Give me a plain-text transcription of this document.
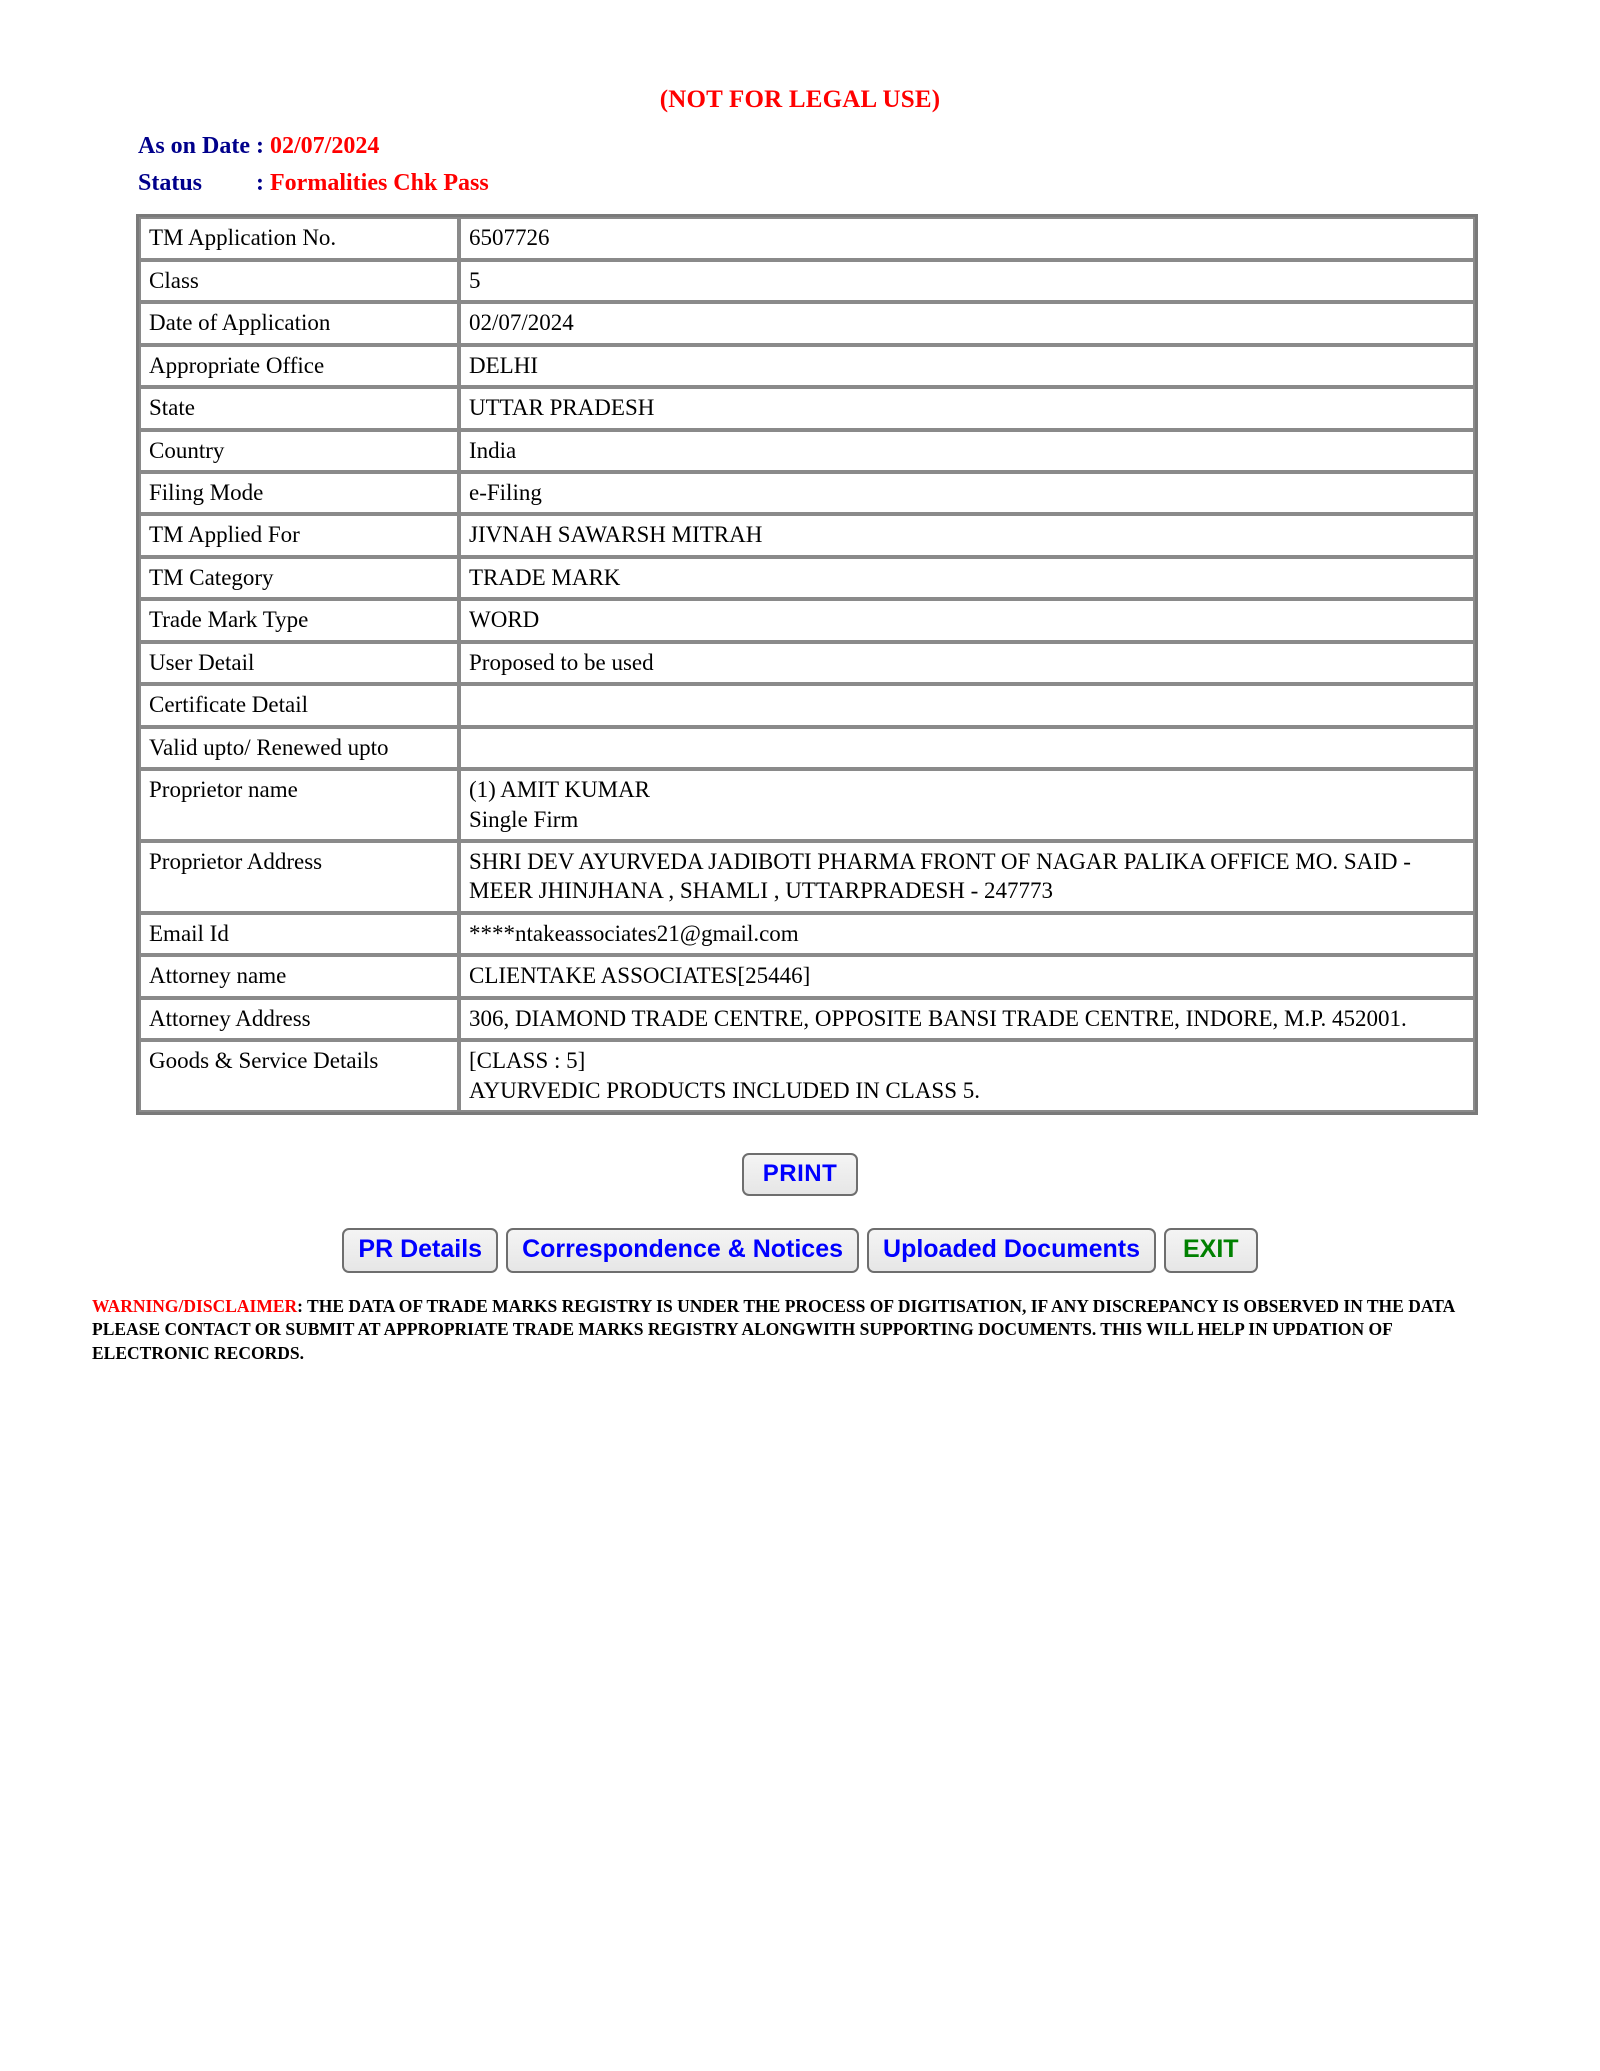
(NOT FOR LEGAL USE)
As on Date : 02/07/2024
Status         : Formalities Chk Pass
TM Application No.	6507726

Class	5

Date of Application	02/07/2024

Appropriate Office	DELHI

State	UTTAR PRADESH

Country	India

Filing Mode	e-Filing

TM Applied For	JIVNAH SAWARSH MITRAH

TM Category	TRADE MARK

Trade Mark Type	WORD

User Detail	Proposed to be used

Certificate Detail	

Valid upto/ Renewed upto	

Proprietor name	(1) AMIT KUMAR
Single Firm

Proprietor Address	SHRI DEV AYURVEDA JADIBOTI PHARMA FRONT OF NAGAR PALIKA OFFICE MO. SAID - MEER JHINJHANA , SHAMLI , UTTARPRADESH - 247773

Email Id	****ntakeassociates21@gmail.com

Attorney name	CLIENTAKE ASSOCIATES[25446]

Attorney Address	306, DIAMOND TRADE CENTRE, OPPOSITE BANSI TRADE CENTRE, INDORE, M.P. 452001.

Goods & Service Details	[CLASS : 5]
AYURVEDIC PRODUCTS INCLUDED IN CLASS 5.
PRINT
PR Details Correspondence & Notices Uploaded Documents EXIT
WARNING/DISCLAIMER: THE DATA OF TRADE MARKS REGISTRY IS UNDER THE PROCESS OF DIGITISATION, IF ANY DISCREPANCY IS OBSERVED IN THE DATA PLEASE CONTACT OR SUBMIT AT APPROPRIATE TRADE MARKS REGISTRY ALONGWITH SUPPORTING DOCUMENTS. THIS WILL HELP IN UPDATION OF ELECTRONIC RECORDS.
